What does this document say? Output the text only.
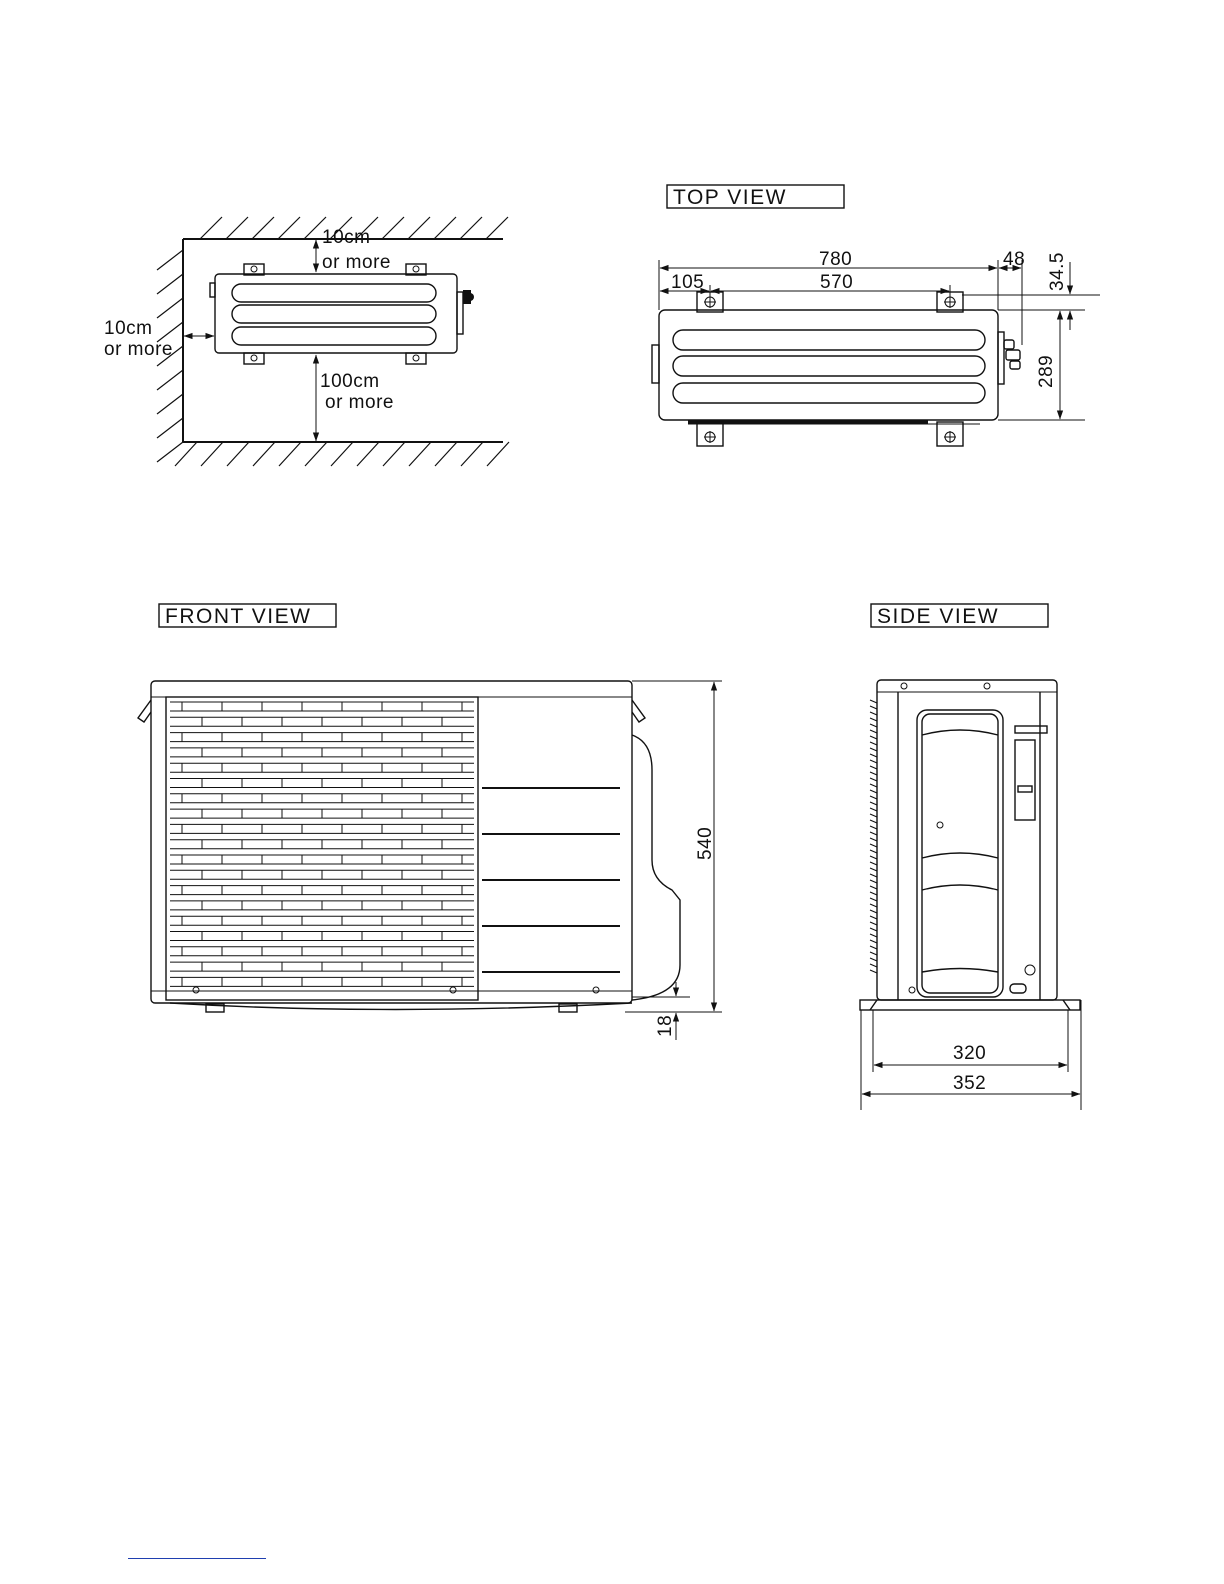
10cm
or more
10cm
or more
100cm
or more
TOP VIEW
780	48
105	570	34.5
289
FRONT VIEW
540
18
SIDE VIEW
320
352
